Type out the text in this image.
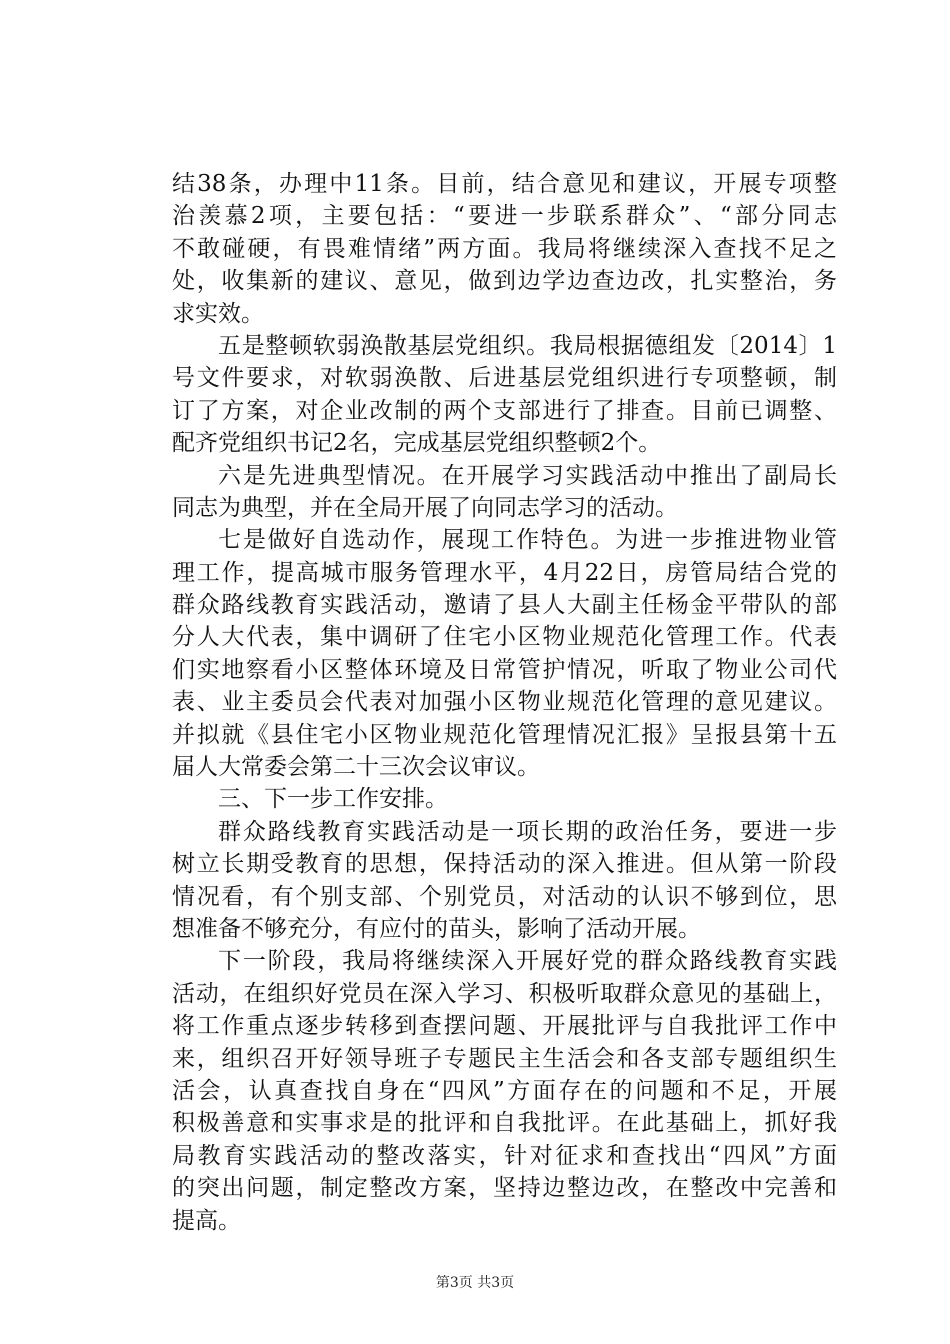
结38条，办理中11条。目前，结合意见和建议，开展专项整
治羡慕2项，主要包括：“要进一步联系群众”、“部分同志
不敢碰硬，有畏难情绪”两方面。我局将继续深入查找不足之
处，收集新的建议、意见，做到边学边查边改，扎实整治，务
求实效。
五是整顿软弱涣散基层党组织。我局根据德组发〔2014〕1
号文件要求，对软弱涣散、后进基层党组织进行专项整顿，制
订了方案，对企业改制的两个支部进行了排查。目前已调整、
配齐党组织书记2名，完成基层党组织整顿2个。
六是先进典型情况。在开展学习实践活动中推出了副局长
同志为典型，并在全局开展了向同志学习的活动。
七是做好自选动作，展现工作特色。为进一步推进物业管
理工作，提高城市服务管理水平，4月22日，房管局结合党的
群众路线教育实践活动，邀请了县人大副主任杨金平带队的部
分人大代表，集中调研了住宅小区物业规范化管理工作。代表
们实地察看小区整体环境及日常管护情况，听取了物业公司代
表、业主委员会代表对加强小区物业规范化管理的意见建议。
并拟就《县住宅小区物业规范化管理情况汇报》呈报县第十五
届人大常委会第二十三次会议审议。
三、下一步工作安排。
群众路线教育实践活动是一项长期的政治任务，要进一步
树立长期受教育的思想，保持活动的深入推进。但从第一阶段
情况看，有个别支部、个别党员，对活动的认识不够到位，思
想准备不够充分，有应付的苗头，影响了活动开展。
下一阶段，我局将继续深入开展好党的群众路线教育实践
活动，在组织好党员在深入学习、积极听取群众意见的基础上，
将工作重点逐步转移到查摆问题、开展批评与自我批评工作中
来，组织召开好领导班子专题民主生活会和各支部专题组织生
活会，认真查找自身在“四风”方面存在的问题和不足，开展
积极善意和实事求是的批评和自我批评。在此基础上，抓好我
局教育实践活动的整改落实，针对征求和查找出“四风”方面
的突出问题，制定整改方案，坚持边整边改，在整改中完善和
提高。
第3页 共3页
